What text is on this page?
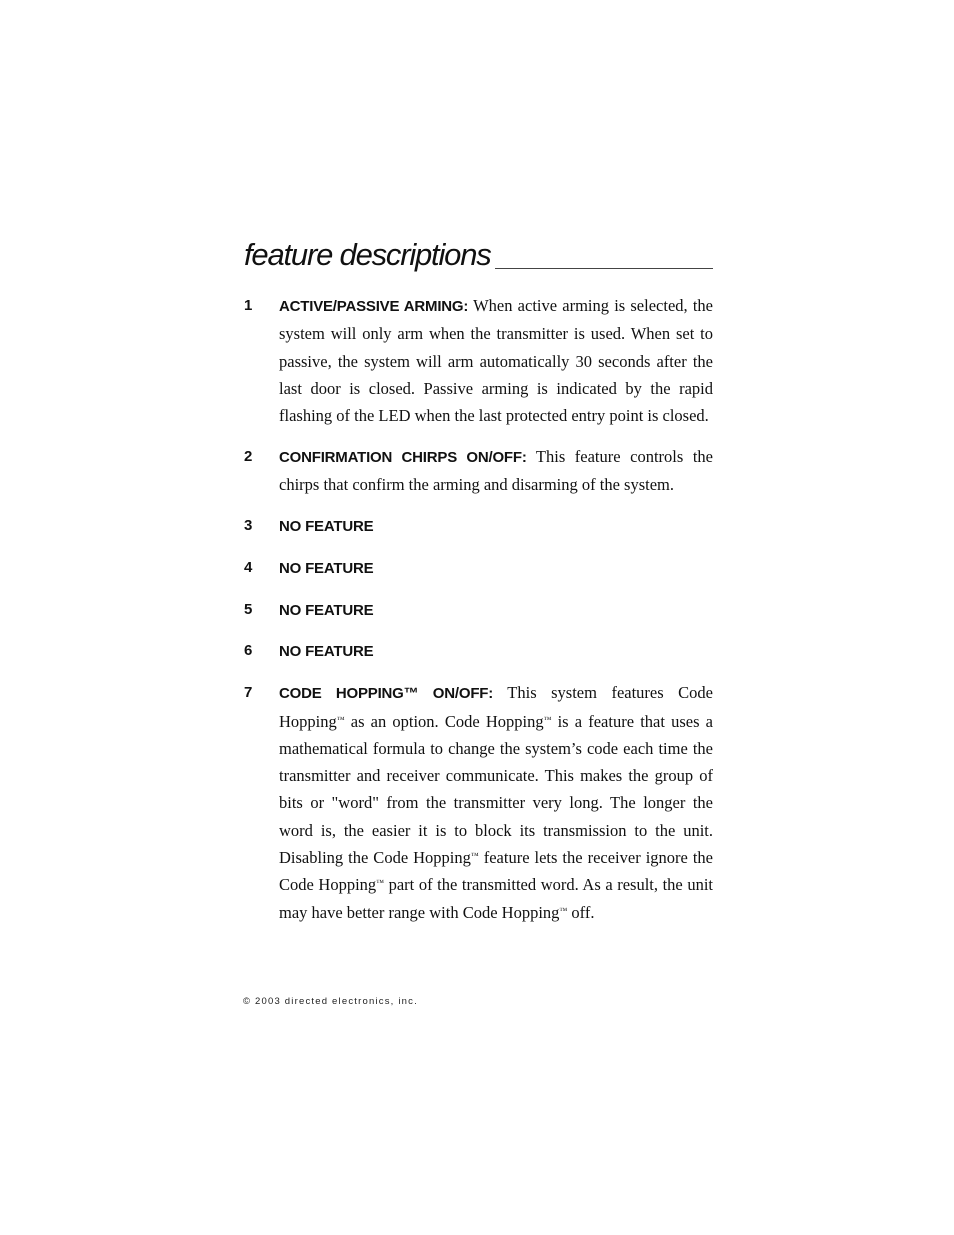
feature descriptions
1 ACTIVE/PASSIVE ARMING: When active arming is selected, the system will only arm when the transmitter is used. When set to passive, the system will arm automatically 30 seconds after the last door is closed. Passive arming is indicated by the rapid flashing of the LED when the last protected entry point is closed.
2 CONFIRMATION CHIRPS ON/OFF: This feature controls the chirps that confirm the arming and disarming of the system.
3 NO FEATURE
4 NO FEATURE
5 NO FEATURE
6 NO FEATURE
7 CODE HOPPING™ ON/OFF: This system features Code Hopping™ as an option. Code Hopping™ is a feature that uses a mathematical formula to change the system’s code each time the transmitter and receiver communicate. This makes the group of bits or "word" from the transmitter very long. The longer the word is, the easier it is to block its transmission to the unit. Disabling the Code Hopping™ feature lets the receiver ignore the Code Hopping™ part of the transmitted word. As a result, the unit may have better range with Code Hopping™ off.
© 2003 directed electronics, inc.
